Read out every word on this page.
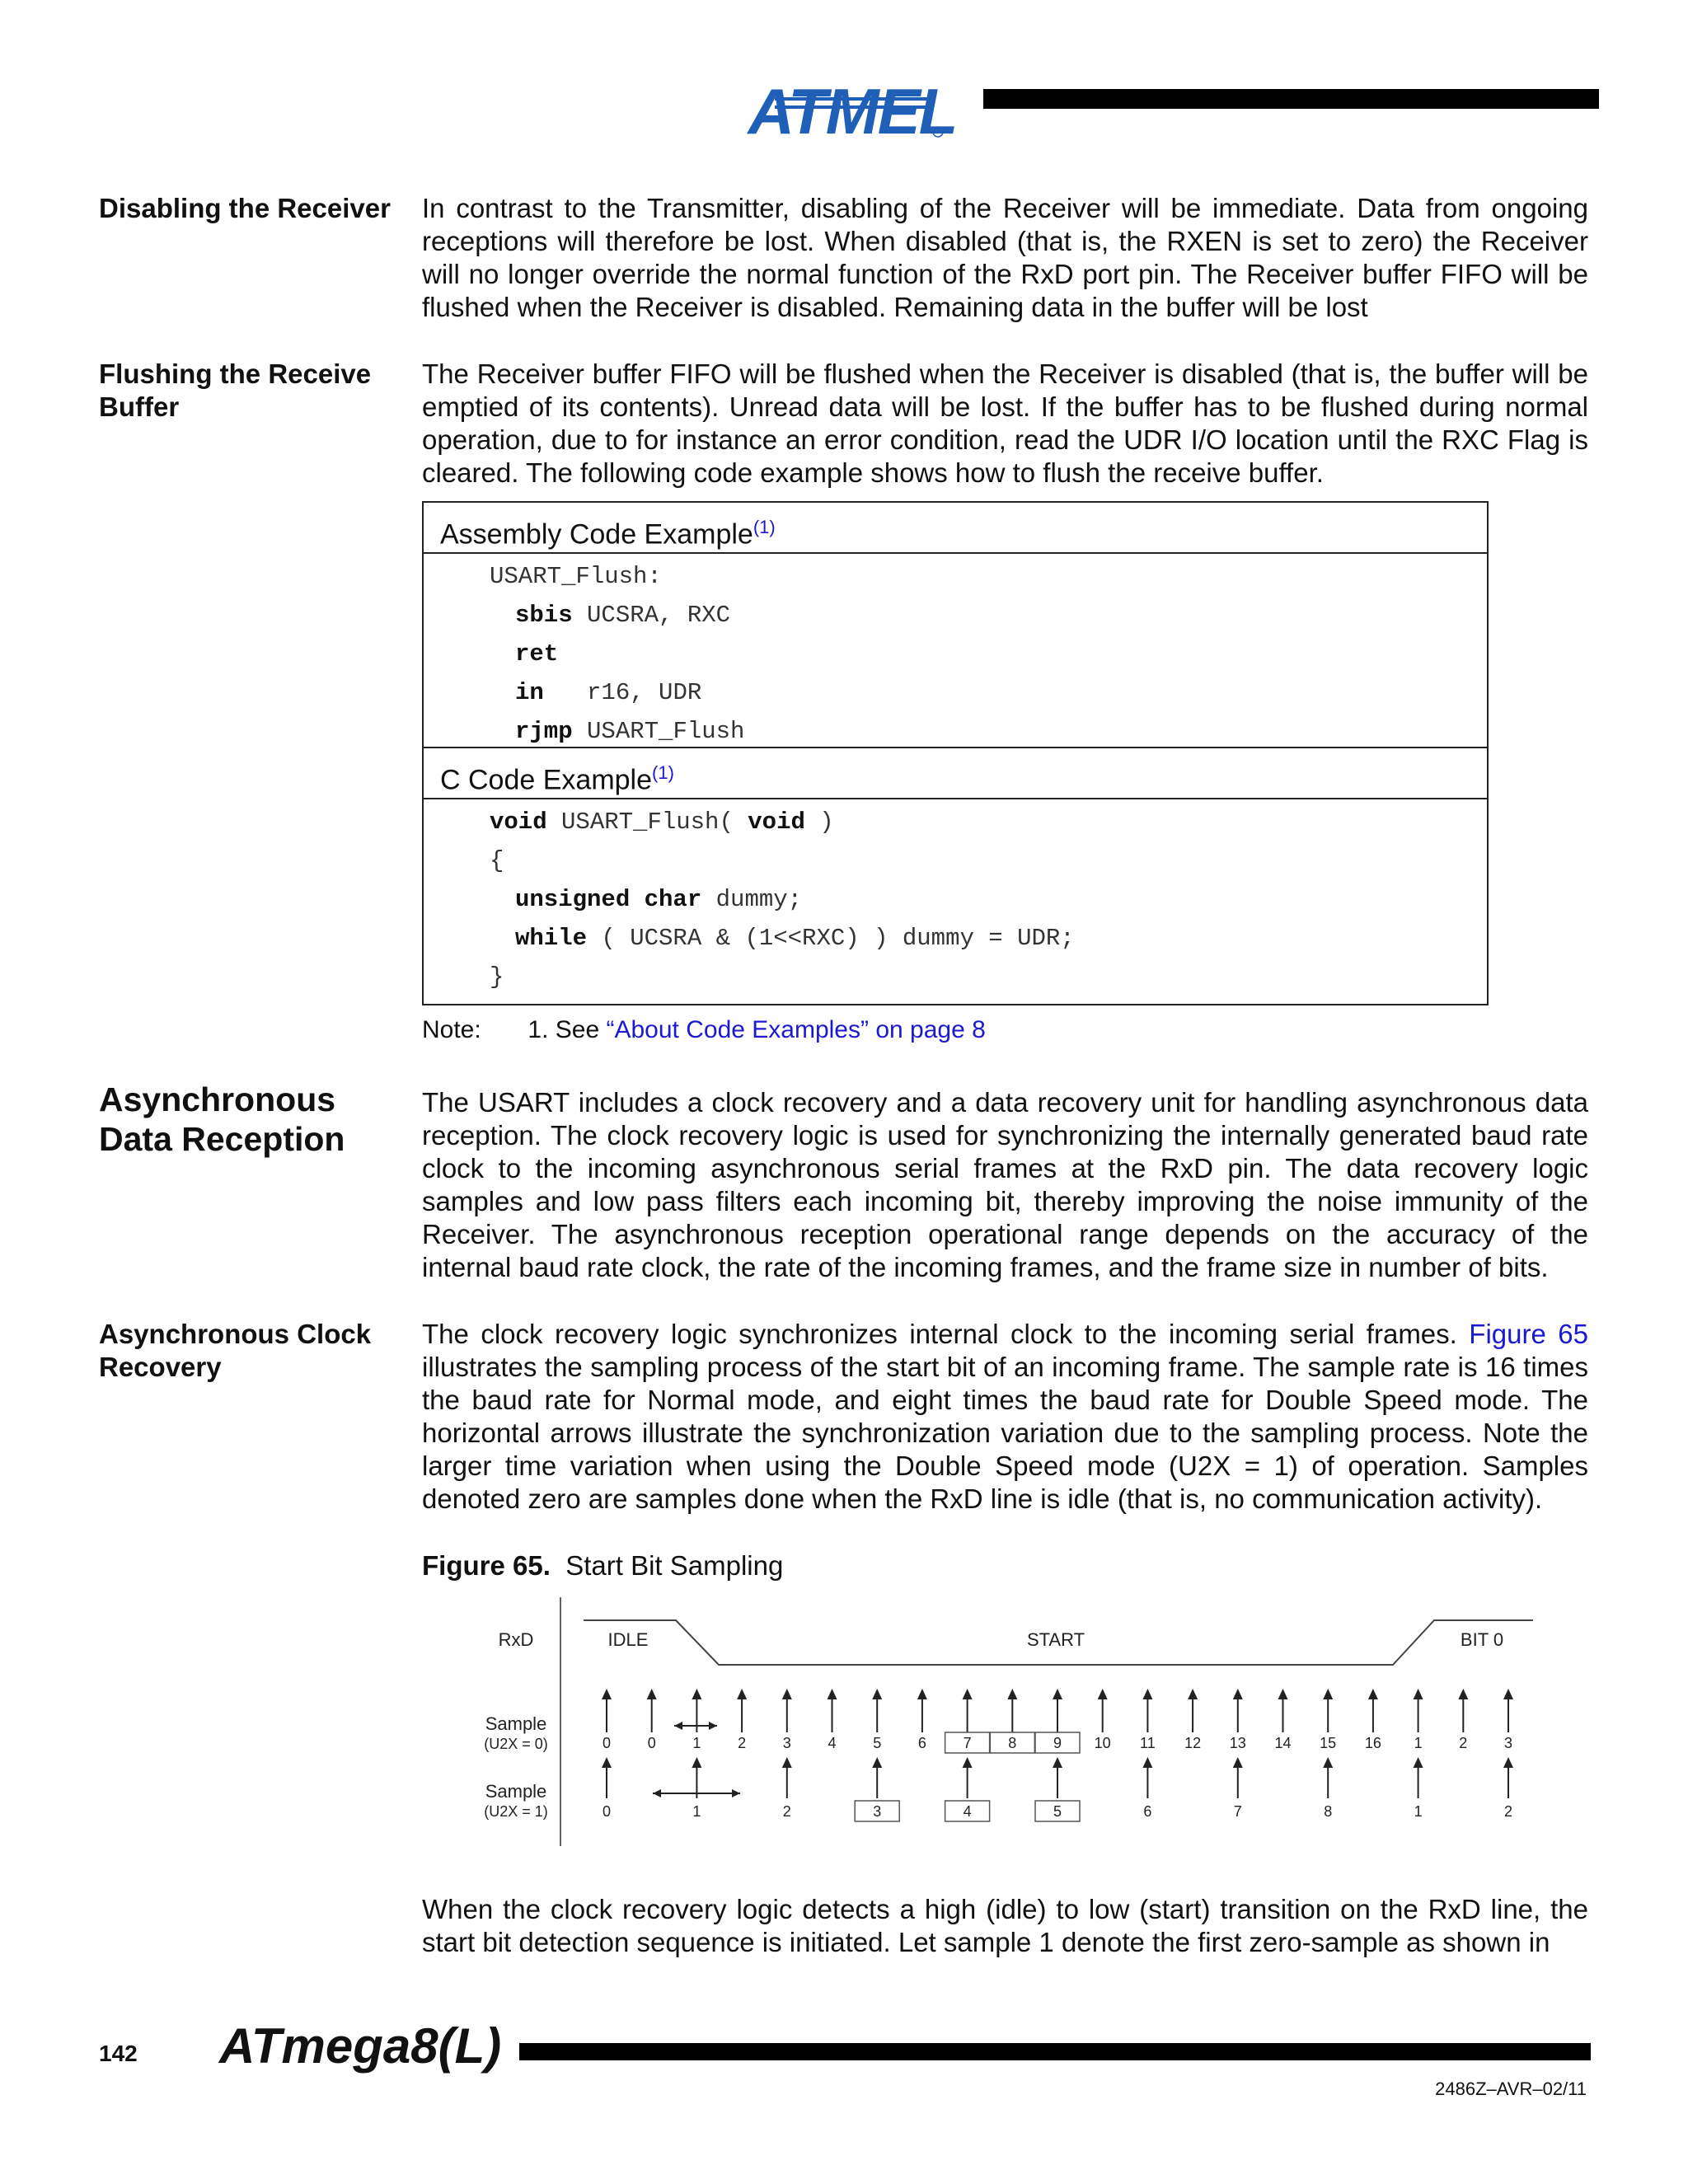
ATMEL
Disabling the Receiver	In contrast to the Transmitter, disabling of the Receiver will be immediate. Data from ongoing receptions will therefore be lost. When disabled (that is, the RXEN is set to zero) the Receiver will no longer override the normal function of the RxD port pin. The Receiver buffer FIFO will be flushed when the Receiver is disabled. Remaining data in the buffer will be lost
Flushing the Receive Buffer
The Receiver buffer FIFO will be flushed when the Receiver is disabled (that is, the buffer will be emptied of its contents). Unread data will be lost. If the buffer has to be flushed during normal operation, due to for instance an error condition, read the UDR I/O location until the RXC Flag is cleared. The following code example shows how to flush the receive buffer.
Assembly Code Example$^{(1)}$
USART_Flush:
sbis UCSRA, RXC
ret
in   r16, UDR
rjmp USART_Flush
C Code Example$^{(1)}$
void USART_Flush( void )
{
unsigned char dummy;
while ( UCSRA & (1<<RXC) ) dummy = UDR;
}
Note: 1. See “About Code Examples” on page 8
Asynchronous Data Reception
The USART includes a clock recovery and a data recovery unit for handling asynchronous data reception. The clock recovery logic is used for synchronizing the internally generated baud rate clock to the incoming asynchronous serial frames at the RxD pin. The data recovery logic samples and low pass filters each incoming bit, thereby improving the noise immunity of the Receiver. The asynchronous reception operational range depends on the accuracy of the internal baud rate clock, the rate of the incoming frames, and the frame size in number of bits.
Asynchronous Clock Recovery
The clock recovery logic synchronizes internal clock to the incoming serial frames. Figure 65 illustrates the sampling process of the start bit of an incoming frame. The sample rate is 16 times the baud rate for Normal mode, and eight times the baud rate for Double Speed mode. The horizontal arrows illustrate the synchronization variation due to the sampling process. Note the larger time variation when using the Double Speed mode (U2X = 1) of operation. Samples denoted zero are samples done when the RxD line is idle (that is, no communication activity).
Figure 65. Start Bit Sampling
RxD	IDLE	START	BIT 0
Sample
(U2X = 0)
Sample
(U2X = 1)
0 0 1 2 3 4 5 6 7 8 9 10 11 12 13 14 15 16 1 2 3
0	1	2	3	4	5	6	7	8	1	2
When the clock recovery logic detects a high (idle) to low (start) transition on the RxD line, the start bit detection sequence is initiated. Let sample 1 denote the first zero-sample as shown in
142 ATmega8(L)
2486Z–AVR–02/11
